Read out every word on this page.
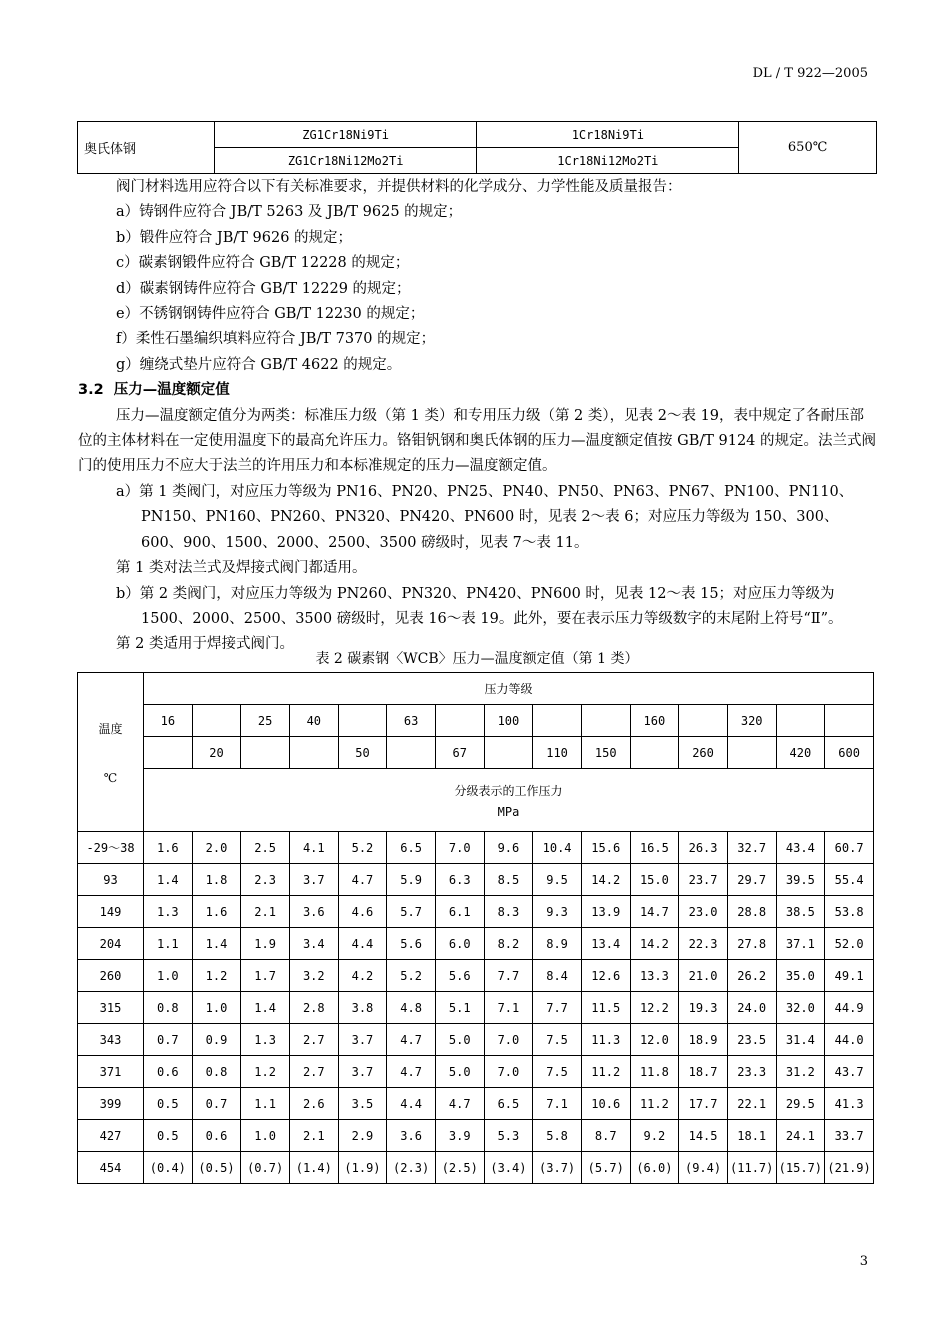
DL / T 922—2005
奥氏体钢	ZG1Cr18Ni9Ti	1Cr18Ni9Ti	650℃
	ZG1Cr18Ni12Mo2Ti	1Cr18Ni12Mo2Ti	

阀门材料选用应符合以下有关标准要求，并提供材料的化学成分、力学性能及质量报告：

a）铸钢件应符合 JB/T 5263 及 JB/T 9625 的规定；

b）锻件应符合 JB/T 9626 的规定；

c）碳素钢锻件应符合 GB/T 12228 的规定；

d）碳素钢铸件应符合 GB/T 12229 的规定；

e）不锈钢钢铸件应符合 GB/T 12230 的规定；

f）柔性石墨编织填料应符合 JB/T 7370 的规定；

g）缠绕式垫片应符合 GB/T 4622 的规定。

3.2 压力—温度额定值

压力—温度额定值分为两类：标准压力级（第 1 类）和专用压力级（第 2 类），见表 2～表 19，表中规定了各耐压部位的主体材料在一定使用温度下的最高允许压力。铬钼钒钢和奥氏体钢的压力—温度额定值按 GB/T 9124 的规定。法兰式阀门的使用压力不应大于法兰的许用压力和本标准规定的压力—温度额定值。

a）第 1 类阀门，对应压力等级为 PN16、PN20、PN25、PN40、PN50、PN63、PN67、PN100、PN110、 PN150、PN160、PN260、PN320、PN420、PN600 时，见表 2～表 6；对应压力等级为 150、300、600、900、1500、2000、2500、3500 磅级时，见表 7～表 11。

第 1 类对法兰式及焊接式阀门都适用。

b）第 2 类阀门，对应压力等级为 PN260、PN320、PN420、PN600 时，见表 12～表 15；对应压力等级为 1500、2000、2500、3500 磅级时，见表 16～表 19。此外，要在表示压力等级数字的末尾附上符号“Ⅱ”。

第 2 类适用于焊接式阀门。

表 2 碳素钢〈WCB〉压力—温度额定值（第 1 类）
温度
℃	压力等级														
	16		25	40		63		100			160		320		
		20			50		67		110	150		260		420	600

	分级表示的工作压力
MPa														

-29～38	1.6	2.0	2.5	4.1	5.2	6.5	7.0	9.6	10.4	15.6	16.5	26.3	32.7	43.4	60.7
93	1.4	1.8	2.3	3.7	4.7	5.9	6.3	8.5	9.5	14.2	15.0	23.7	29.7	39.5	55.4
149	1.3	1.6	2.1	3.6	4.6	5.7	6.1	8.3	9.3	13.9	14.7	23.0	28.8	38.5	53.8
204	1.1	1.4	1.9	3.4	4.4	5.6	6.0	8.2	8.9	13.4	14.2	22.3	27.8	37.1	52.0
260	1.0	1.2	1.7	3.2	4.2	5.2	5.6	7.7	8.4	12.6	13.3	21.0	26.2	35.0	49.1
315	0.8	1.0	1.4	2.8	3.8	4.8	5.1	7.1	7.7	11.5	12.2	19.3	24.0	32.0	44.9
343	0.7	0.9	1.3	2.7	3.7	4.7	5.0	7.0	7.5	11.3	12.0	18.9	23.5	31.4	44.0
371	0.6	0.8	1.2	2.7	3.7	4.7	5.0	7.0	7.5	11.2	11.8	18.7	23.3	31.2	43.7
399	0.5	0.7	1.1	2.6	3.5	4.4	4.7	6.5	7.1	10.6	11.2	17.7	22.1	29.5	41.3
427	0.5	0.6	1.0	2.1	2.9	3.6	3.9	5.3	5.8	8.7	9.2	14.5	18.1	24.1	33.7
454	(0.4)	(0.5)	(0.7)	(1.4)	(1.9)	(2.3)	(2.5)	(3.4)	(3.7)	(5.7)	(6.0)	(9.4)	(11.7)	(15.7)	(21.9)
3
